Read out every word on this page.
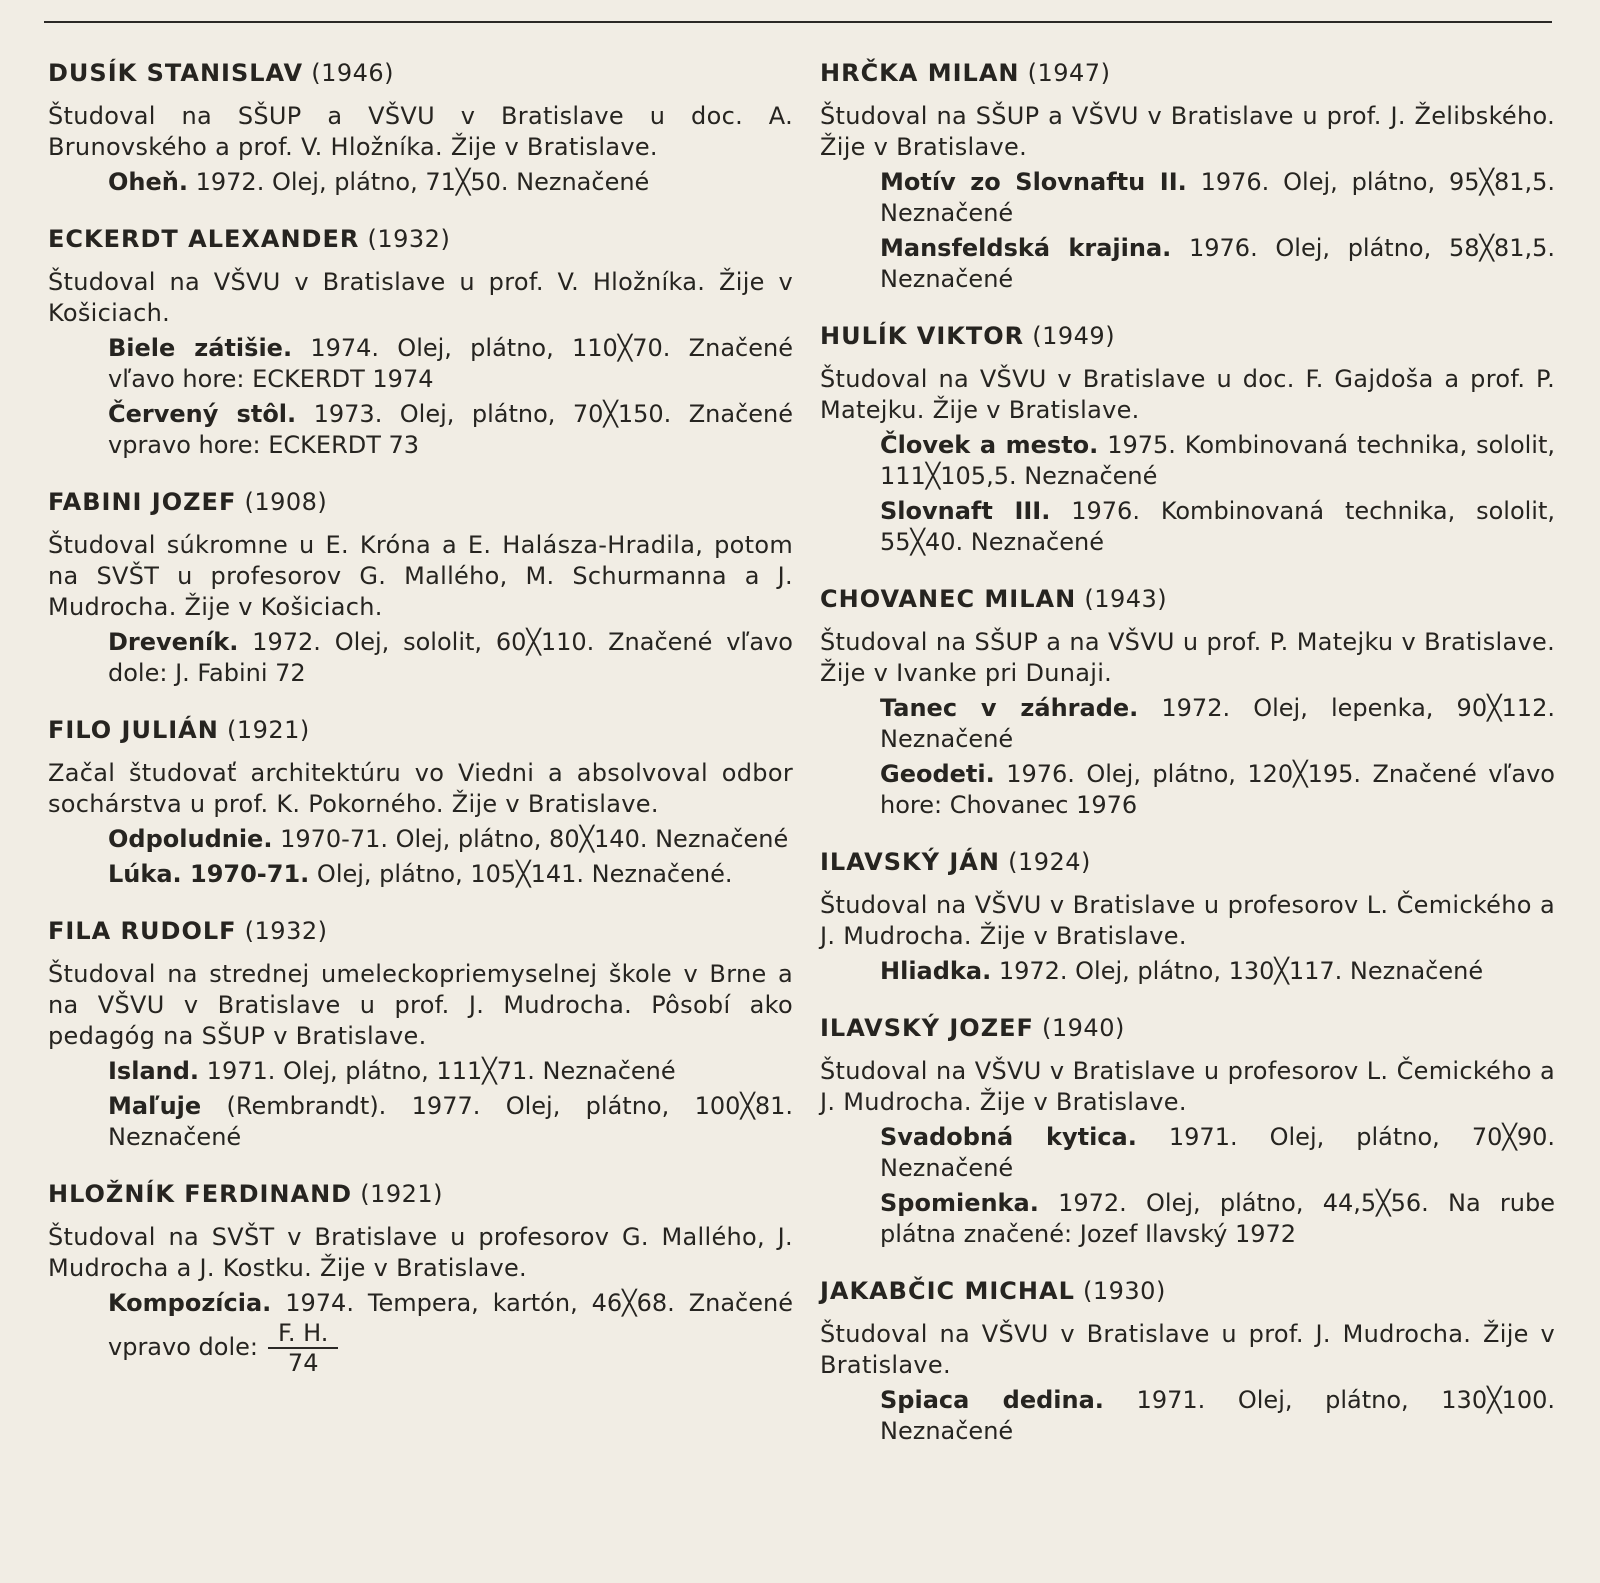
DUSÍK STANISLAV (1946)
Študoval na SŠUP a VŠVU v Bratislave u doc. A. Brunovského a prof. V. Hložníka. Žije v Bratislave.
Oheň. 1972. Olej, plátno, 71╳50. Neznačené
ECKERDT ALEXANDER (1932)
Študoval na VŠVU v Bratislave u prof. V. Hložníka. Žije v Košiciach.
Biele zátišie. 1974. Olej, plátno, 110╳70. Značené vľavo hore: ECKERDT 1974
Červený stôl. 1973. Olej, plátno, 70╳150. Značené vpravo hore: ECKERDT 73
FABINI JOZEF (1908)
Študoval súkromne u E. Króna a E. Halásza-Hradila, potom na SVŠT u profesorov G. Mallého, M. Schurmanna a J. Mudrocha. Žije v Košiciach.
Dreveník. 1972. Olej, sololit, 60╳110. Značené vľavo dole: J. Fabini 72
FILO JULIÁN (1921)
Začal študovať architektúru vo Viedni a absolvoval odbor sochárstva u prof. K. Pokorného. Žije v Bratislave.
Odpoludnie. 1970-71. Olej, plátno, 80╳140. Neznačené
Lúka. 1970-71. Olej, plátno, 105╳141. Neznačené.
FILA RUDOLF (1932)
Študoval na strednej umeleckopriemyselnej škole v Brne a na VŠVU v Bratislave u prof. J. Mudrocha. Pôsobí ako pedagóg na SŠUP v Bratislave.
Island. 1971. Olej, plátno, 111╳71. Neznačené
Maľuje (Rembrandt). 1977. Olej, plátno, 100╳81. Neznačené
HLOŽNÍK FERDINAND (1921)
Študoval na SVŠT v Bratislave u profesorov G. Mallého, J. Mudrocha a J. Kostku. Žije v Bratislave.
Kompozícia. 1974. Tempera, kartón, 46╳68. Značené vpravo dole: $\frac{F. H.}{74}$
HRČKA MILAN (1947)
Študoval na SŠUP a VŠVU v Bratislave u prof. J. Želibského. Žije v Bratislave.
Motív zo Slovnaftu II. 1976. Olej, plátno, 95╳81,5. Neznačené
Mansfeldská krajina. 1976. Olej, plátno, 58╳81,5. Neznačené
HULÍK VIKTOR (1949)
Študoval na VŠVU v Bratislave u doc. F. Gajdoša a prof. P. Matejku. Žije v Bratislave.
Človek a mesto. 1975. Kombinovaná technika, sololit, 111╳105,5. Neznačené
Slovnaft III. 1976. Kombinovaná technika, sololit, 55╳40. Neznačené
CHOVANEC MILAN (1943)
Študoval na SŠUP a na VŠVU u prof. P. Matejku v Bratislave. Žije v Ivanke pri Dunaji.
Tanec v záhrade. 1972. Olej, lepenka, 90╳112. Neznačené
Geodeti. 1976. Olej, plátno, 120╳195. Značené vľavo hore: Chovanec 1976
ILAVSKÝ JÁN (1924)
Študoval na VŠVU v Bratislave u profesorov L. Čemického a J. Mudrocha. Žije v Bratislave.
Hliadka. 1972. Olej, plátno, 130╳117. Neznačené
ILAVSKÝ JOZEF (1940)
Študoval na VŠVU v Bratislave u profesorov L. Čemického a J. Mudrocha. Žije v Bratislave.
Svadobná kytica. 1971. Olej, plátno, 70╳90. Neznačené
Spomienka. 1972. Olej, plátno, 44,5╳56. Na rube plátna značené: Jozef Ilavský 1972
JAKABČIC MICHAL (1930)
Študoval na VŠVU v Bratislave u prof. J. Mudrocha. Žije v Bratislave.
Spiaca dedina. 1971. Olej, plátno, 130╳100. Neznačené
